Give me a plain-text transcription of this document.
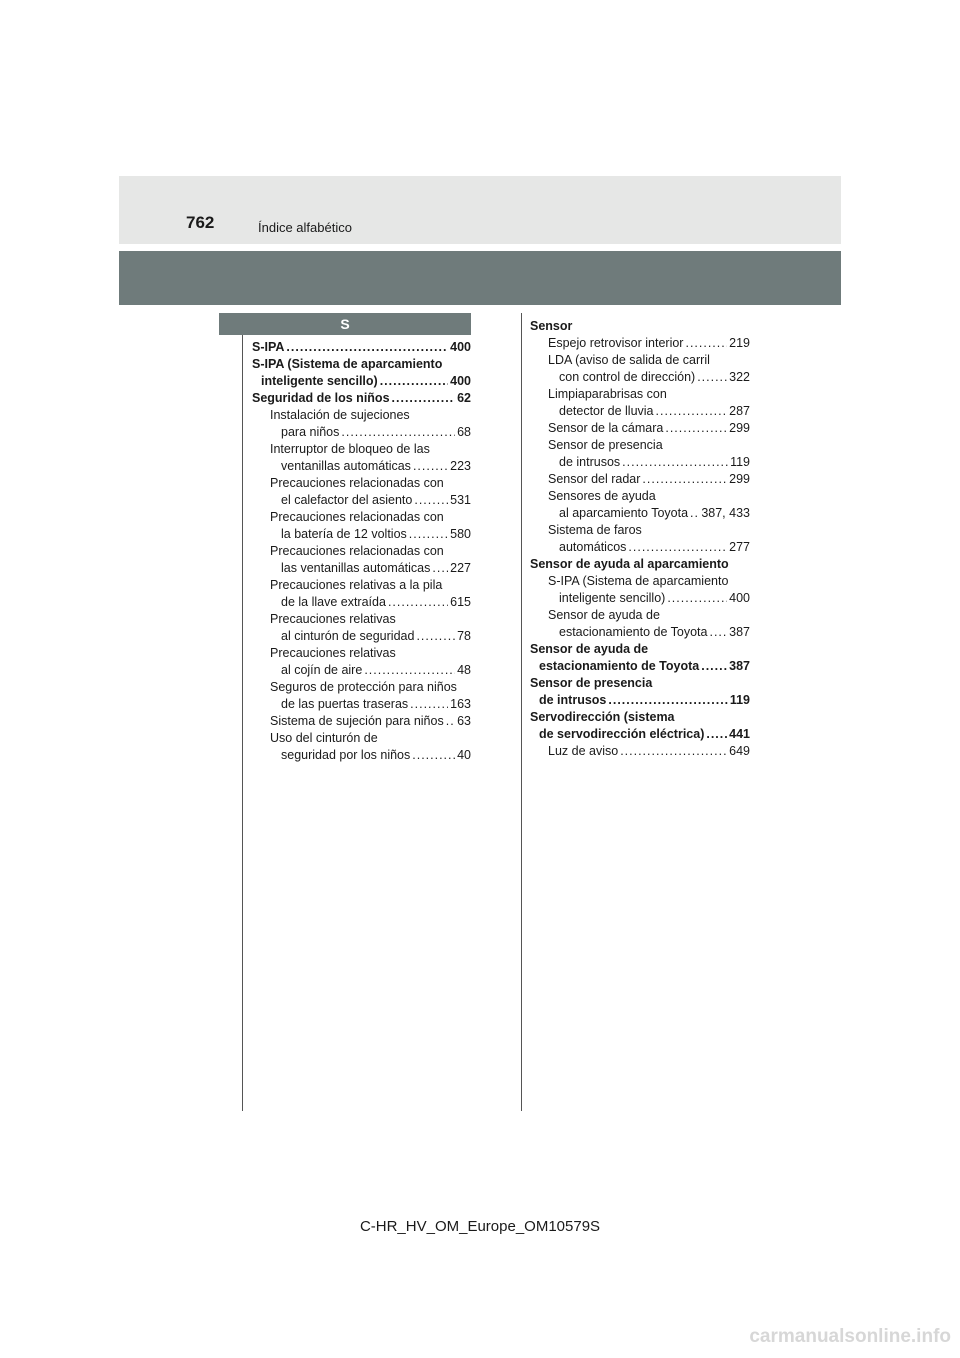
762	Índice alfabético
S
S-IPA .....	400
S-IPA (Sistema de aparcamiento
inteligente sencillo) .....	400
Seguridad de los niños .....	62
Instalación de sujeciones
para niños .....	68
Interruptor de bloqueo de las
ventanillas automáticas .....	223
Precauciones relacionadas con
el calefactor del asiento .....	531
Precauciones relacionadas con
la batería de 12 voltios .....	580
Precauciones relacionadas con
las ventanillas automáticas ..... 227
Precauciones relativas a la pila
de la llave extraída .....	615
Precauciones relativas
al cinturón de seguridad .....	78
Precauciones relativas
al cojín de aire .....	48
Seguros de protección para niños
de las puertas traseras .....	163
Sistema de sujeción para niños ..... 63
Uso del cinturón de
seguridad por los niños .....	40
Sensor
Espejo retrovisor interior .....	219
LDA (aviso de salida de carril
con control de dirección) .....	322
Limpiaparabrisas con
detector de lluvia .....	287
Sensor de la cámara .....	299
Sensor de presencia
de intrusos .....	119
Sensor del radar .....	299
Sensores de ayuda
al aparcamiento Toyota ..... 387, 433
Sistema de faros
automáticos .....	277
Sensor de ayuda al aparcamiento
S-IPA (Sistema de aparcamiento
inteligente sencillo) .....	400
Sensor de ayuda de
estacionamiento de Toyota ..... 387
Sensor de ayuda de
estacionamiento de Toyota ..... 387
Sensor de presencia
de intrusos .....	119
Servodirección (sistema
de servodirección eléctrica) ..... 441
Luz de aviso .....	649
C-HR_HV_OM_Europe_OM10579S
carmanualsonline.info
